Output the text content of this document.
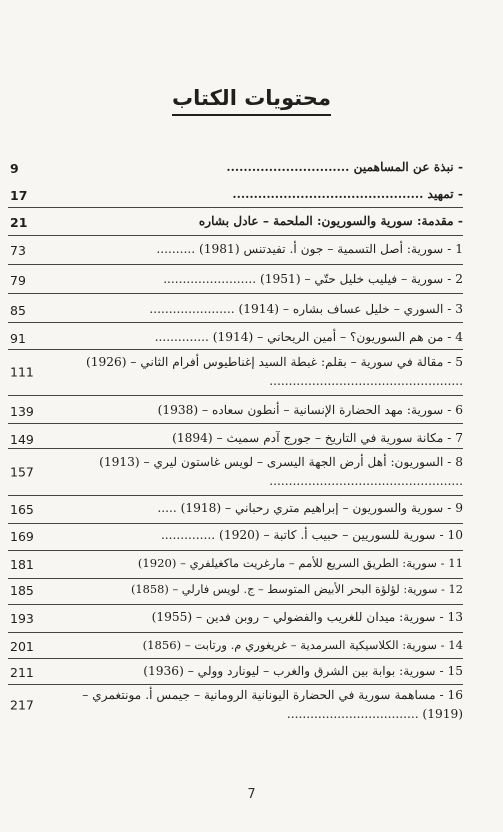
محتويات الكتاب
- نبذة عن المساهمين .............................
9
- تمهيد .............................................
17
- مقدمة: سورية والسوريون: الملحمة – عادل بشاره
21
1 - سورية: أصل التسمية – جون أ. تفيدتنس (1981) ..........
73
2 - سورية – فيليب خليل حتّي – (1951) ........................
79
3 - السوري – خليل عساف بشاره – (1914) ......................
85
4 - من هم السوريون؟ – أمين الريحاني – (1914) ..............
91
5 - مقالة في سورية – بقلم: غبطة السيد إغناطيوس أفرام الثاني – (1926) ..................................................
111
6 - سورية: مهد الحضارة الإنسانية – أنطون سعاده – (1938)
139
7 - مكانة سورية في التاريخ – جورج آدم سميث – (1894)
149
8 - السوريون: أهل أرض الجهة اليسرى – لويس غاستون ليري – (1913) ..................................................
157
9 - سورية والسوريون – إبراهيم متري رحباني – (1918) .....
165
10 - سورية للسوريين – حبيب أ. كاتبة – (1920) ..............
169
11 - سورية: الطريق السريع للأمم – مارغريت ماكغيلفري – (1920)
181
12 - سورية: لؤلؤة البحر الأبيض المتوسط – ج. لويس فارلي – (1858)
185
13 - سورية: ميدان للغريب والفضولي – روبن فدين – (1955)
193
14 - سورية: الكلاسيكية السرمدية – غريغوري م. ورتابت – (1856)
201
15 - سورية: بوابة بين الشرق والغرب – ليونارد وولي – (1936)
211
16 - مساهمة سورية في الحضارة اليونانية الرومانية – جيمس أ. مونتغمري – (1919) ..................................
217
7
